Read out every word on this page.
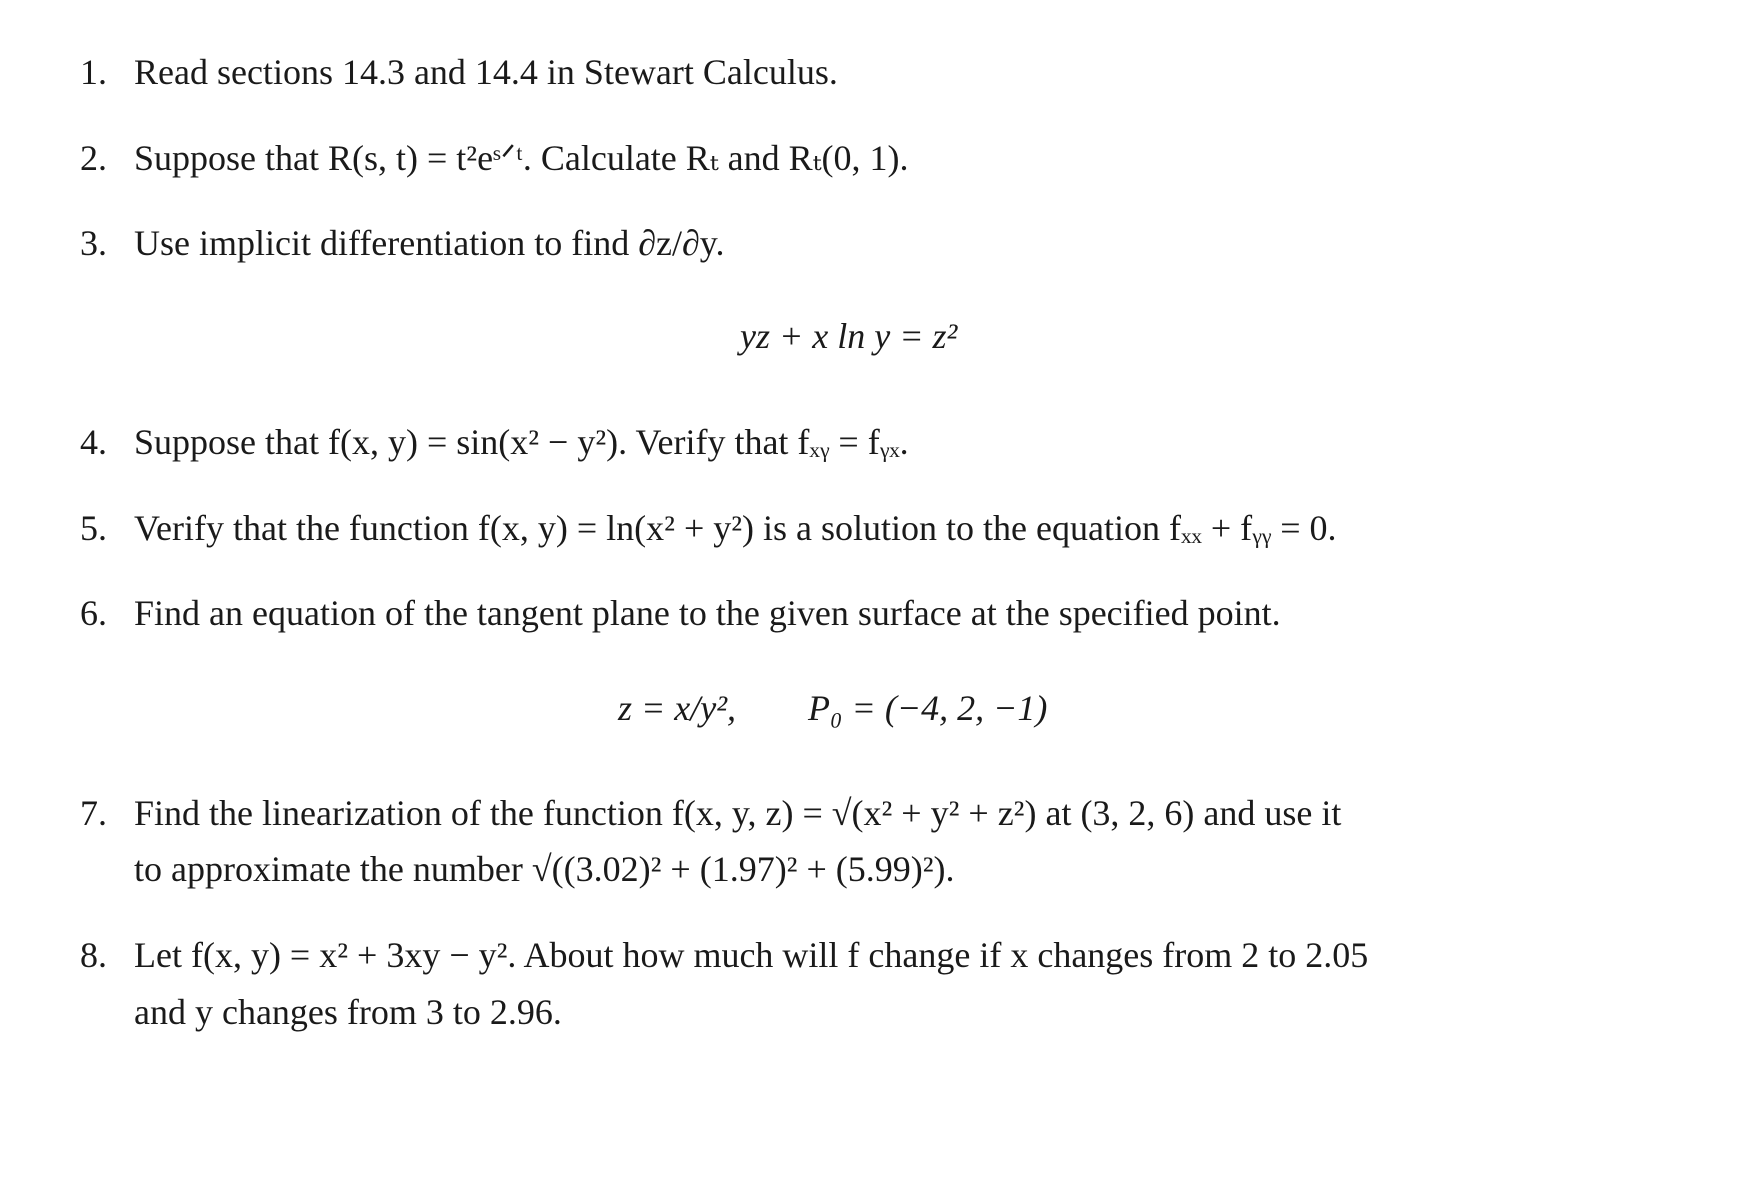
1. Read sections 14.3 and 14.4 in Stewart Calculus.
2. Suppose that R(s, t) = t²eˢᐟᵗ. Calculate Rₜ and Rₜ(0, 1).
3. Use implicit differentiation to find ∂z/∂y.
yz + x ln y = z²
4. Suppose that f(x, y) = sin(x² − y²). Verify that fₓᵧ = fᵧₓ.
5. Verify that the function f(x, y) = ln(x² + y²) is a solution to the equation fₓₓ + fᵧᵧ = 0.
6. Find an equation of the tangent plane to the given surface at the specified point.
z = x/y²,        P₀ = (−4, 2, −1)
7. Find the linearization of the function f(x, y, z) = √(x² + y² + z²) at (3, 2, 6) and use it
to approximate the number √((3.02)² + (1.97)² + (5.99)²).
8. Let f(x, y) = x² + 3xy − y². About how much will f change if x changes from 2 to 2.05
and y changes from 3 to 2.96.
